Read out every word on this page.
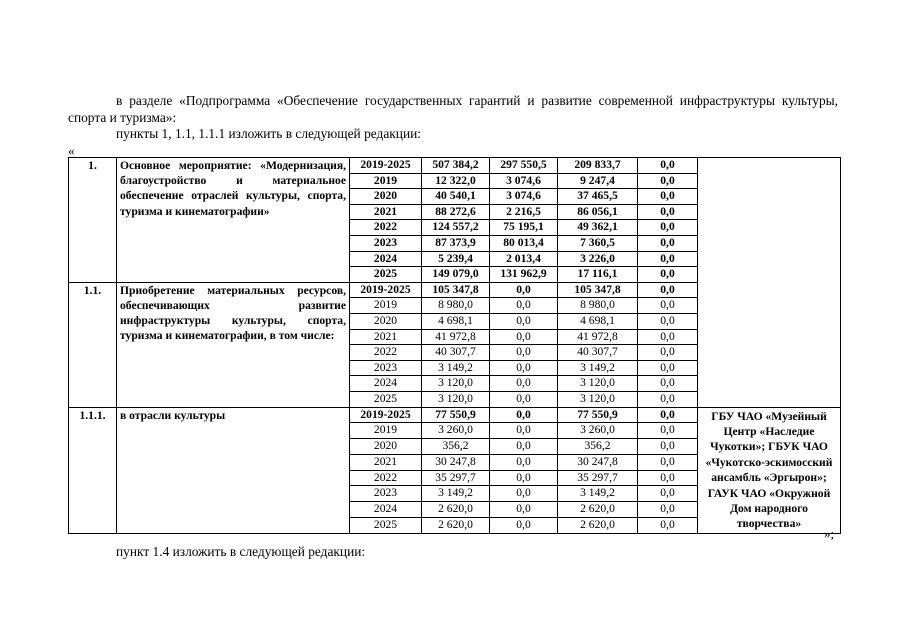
в разделе «Подпрограмма «Обеспечение государственных гарантий и развитие современной инфраструктуры культуры, спорта и туризма»:
пункты 1, 1.1, 1.1.1 изложить в следующей редакции:
«
1.	Основное мероприятие: «Модернизация, благоустройство и материальное обеспечение отраслей культуры, спорта, туризма и кинематографии»	2019-2025	507 384,2	297 550,5	209 833,7	0,0	
		2019	12 322,0	3 074,6	9 247,4	0,0	
		2020	40 540,1	3 074,6	37 465,5	0,0	
		2021	88 272,6	2 216,5	86 056,1	0,0	
		2022	124 557,2	75 195,1	49 362,1	0,0	
		2023	87 373,9	80 013,4	7 360,5	0,0	
		2024	5 239,4	2 013,4	3 226,0	0,0	
		2025	149 079,0	131 962,9	17 116,1	0,0	
1.1.	Приобретение материальных ресурсов, обеспечивающих развитие инфраструктуры культуры, спорта, туризма и кинематографии, в том числе:	2019-2025	105 347,8	0,0	105 347,8	0,0	
		2019	8 980,0	0,0	8 980,0	0,0	
		2020	4 698,1	0,0	4 698,1	0,0	
		2021	41 972,8	0,0	41 972,8	0,0	
		2022	40 307,7	0,0	40 307,7	0,0	
		2023	3 149,2	0,0	3 149,2	0,0	
		2024	3 120,0	0,0	3 120,0	0,0	
		2025	3 120,0	0,0	3 120,0	0,0	
1.1.1.	в отрасли культуры	2019-2025	77 550,9	0,0	77 550,9	0,0	ГБУ ЧАО «Музейный Центр «Наследие Чукотки»; ГБУК ЧАО «Чукотско-эскимосский ансамбль «Эргырон»; ГАУК ЧАО «Окружной Дом народного творчества»
		2019	3 260,0	0,0	3 260,0	0,0	
		2020	356,2	0,0	356,2	0,0	
		2021	30 247,8	0,0	30 247,8	0,0	
		2022	35 297,7	0,0	35 297,7	0,0	
		2023	3 149,2	0,0	3 149,2	0,0	
		2024	2 620,0	0,0	2 620,0	0,0	
		2025	2 620,0	0,0	2 620,0	0,0	
»;
пункт 1.4 изложить в следующей редакции:
